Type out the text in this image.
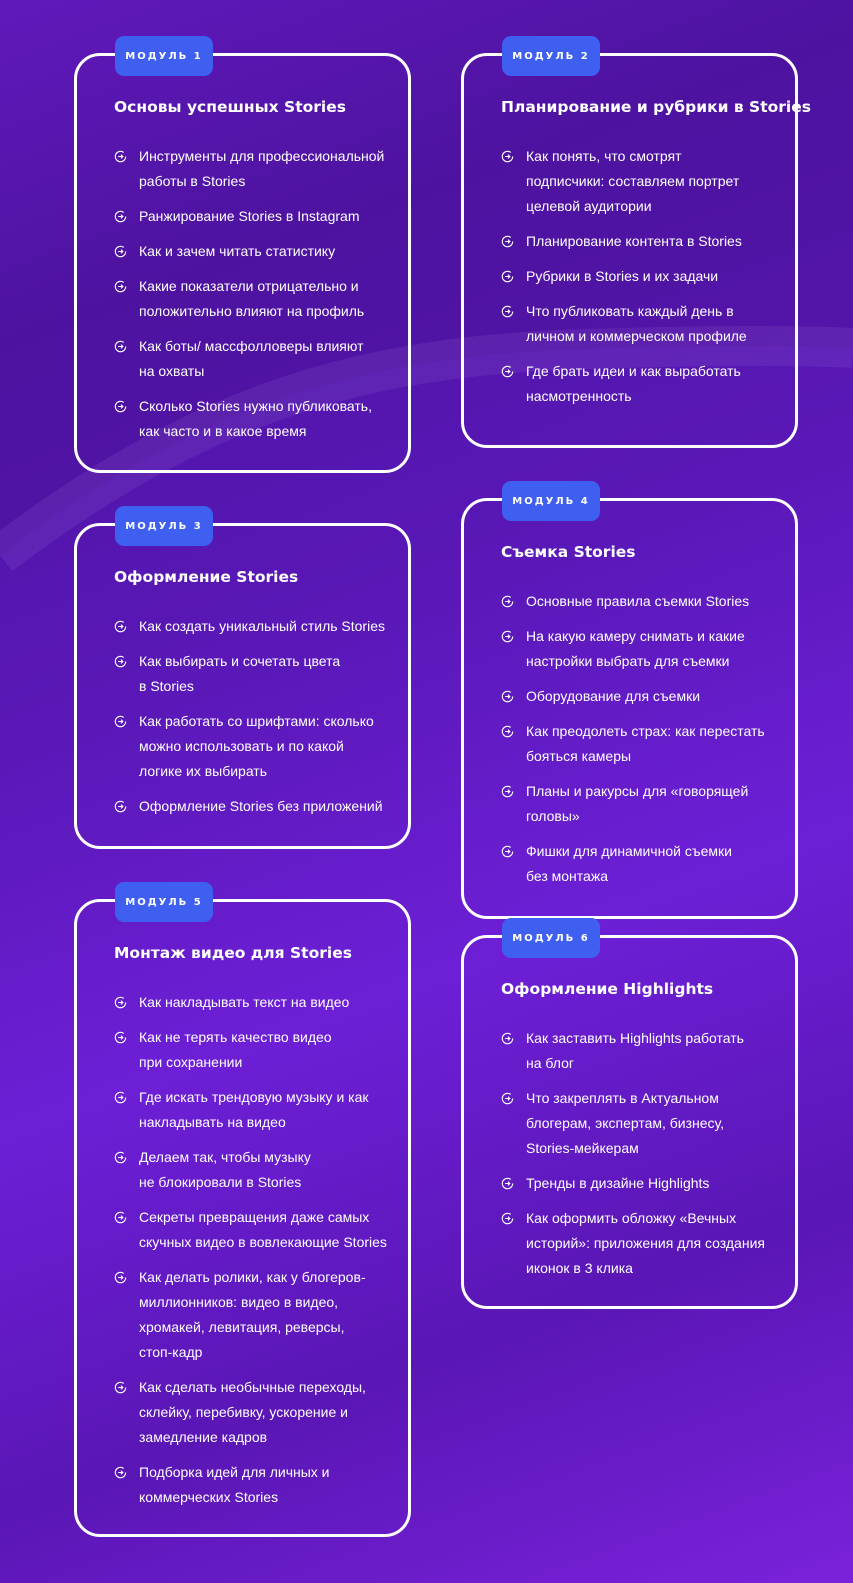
МОДУЛЬ 1
Основы успешных Stories
Инструменты для профессиональной
работы в Stories
Ранжирование Stories в Instagram
Как и зачем читать статистику
Какие показатели отрицательно и
положительно влияют на профиль
Как боты/ массфолловеры влияют
на охваты
Сколько Stories нужно публиковать,
как часто и в какое время
МОДУЛЬ 2
Планирование и рубрики в Stories
Как понять, что смотрят
подписчики: составляем портрет
целевой аудитории
Планирование контента в Stories
Рубрики в Stories и их задачи
Что публиковать каждый день в
личном и коммерческом профиле
Где брать идеи и как выработать
насмотренность
МОДУЛЬ 3
Оформление Stories
Как создать уникальный стиль Stories
Как выбирать и сочетать цвета
в Stories
Как работать со шрифтами: сколько
можно использовать и по какой
логике их выбирать
Оформление Stories без приложений
МОДУЛЬ 4
Съемка Stories
Основные правила съемки Stories
На какую камеру снимать и какие
настройки выбрать для съемки
Оборудование для съемки
Как преодолеть страх: как перестать
бояться камеры
Планы и ракурсы для «говорящей
головы»
Фишки для динамичной съемки
без монтажа
МОДУЛЬ 5
Монтаж видео для Stories
Как накладывать текст на видео
Как не терять качество видео
при сохранении
Где искать трендовую музыку и как
накладывать на видео
Делаем так, чтобы музыку
не блокировали в Stories
Секреты превращения даже самых
скучных видео в вовлекающие Stories
Как делать ролики, как у блогеров-
миллионников: видео в видео,
хромакей, левитация, реверсы,
стоп-кадр
Как сделать необычные переходы,
склейку, перебивку, ускорение и
замедление кадров
Подборка идей для личных и
коммерческих Stories
МОДУЛЬ 6
Оформление Highlights
Как заставить Highlights работать
на блог
Что закреплять в Актуальном
блогерам, экспертам, бизнесу,
Stories-мейкерам
Тренды в дизайне Highlights
Как оформить обложку «Вечных
историй»: приложения для создания
иконок в 3 клика
